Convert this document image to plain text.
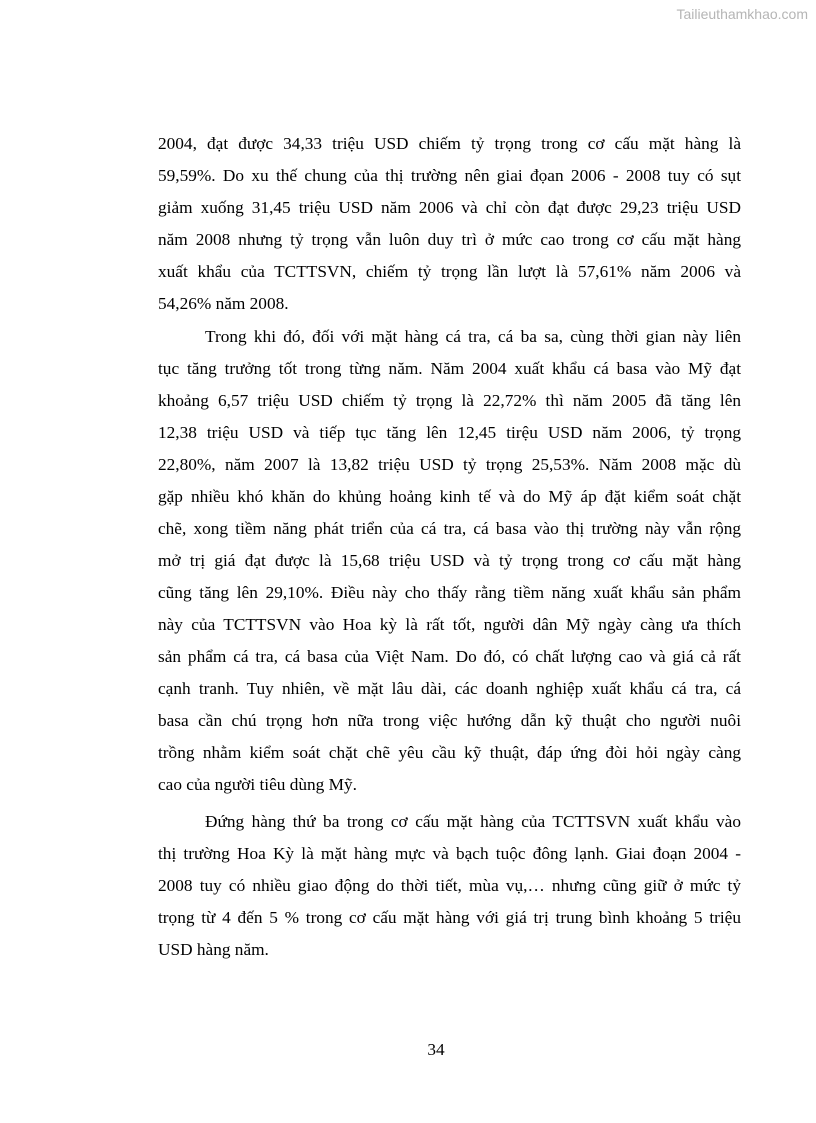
Tailieuthamkhao.com
2004, đạt được 34,33 triệu USD chiếm tỷ trọng trong cơ cấu mặt hàng là
59,59%. Do xu thế chung của thị trường nên giai đọan 2006 - 2008 tuy có sụt
giảm xuống 31,45 triệu USD năm 2006 và chỉ còn đạt được 29,23 triệu USD
năm 2008 nhưng tỷ trọng vẫn luôn duy trì ở mức cao trong cơ cấu mặt hàng
xuất khẩu của TCTTSVN, chiếm tỷ trọng lần lượt là 57,61% năm 2006 và
54,26% năm 2008.
Trong khi đó, đối với mặt hàng cá tra, cá ba sa, cùng thời gian này liên
tục tăng trưởng tốt trong từng năm. Năm 2004 xuất khẩu cá basa vào Mỹ đạt
khoảng 6,57 triệu USD chiếm tỷ trọng là 22,72% thì năm 2005 đã tăng lên
12,38 triệu USD và tiếp tục tăng lên 12,45 tirệu USD năm 2006, tỷ trọng
22,80%, năm 2007 là 13,82 triệu USD tỷ trọng 25,53%. Năm 2008 mặc dù
gặp nhiều khó khăn do khủng hoảng kinh tế và do Mỹ áp đặt kiểm soát chặt
chẽ, xong tiềm năng phát triển của cá tra, cá basa vào thị trường này vẫn rộng
mở trị giá đạt được là 15,68 triệu USD và tỷ trọng trong cơ cấu mặt hàng
cũng tăng lên 29,10%. Điều này cho thấy rằng tiềm năng xuất khẩu sản phẩm
này của TCTTSVN vào Hoa kỳ là rất tốt, người dân Mỹ ngày càng ưa thích
sản phẩm cá tra, cá basa của Việt Nam. Do đó, có chất lượng cao và giá cả rất
cạnh tranh. Tuy nhiên, về mặt lâu dài, các doanh nghiệp xuất khẩu cá tra, cá
basa cần chú trọng hơn nữa trong việc hướng dẫn kỹ thuật cho người nuôi
trồng nhằm kiểm soát chặt chẽ yêu cầu kỹ thuật, đáp ứng đòi hỏi ngày càng
cao của người tiêu dùng Mỹ.
Đứng hàng thứ ba trong cơ cấu mặt hàng của TCTTSVN xuất khẩu vào
thị trường Hoa Kỳ là mặt hàng mực và bạch tuộc đông lạnh. Giai đoạn 2004 -
2008 tuy có nhiều giao động do thời tiết, mùa vụ,… nhưng cũng giữ ở mức tỷ
trọng từ 4 đến 5 % trong cơ cấu mặt hàng với giá trị trung bình khoảng 5 triệu
USD hàng năm.
34
